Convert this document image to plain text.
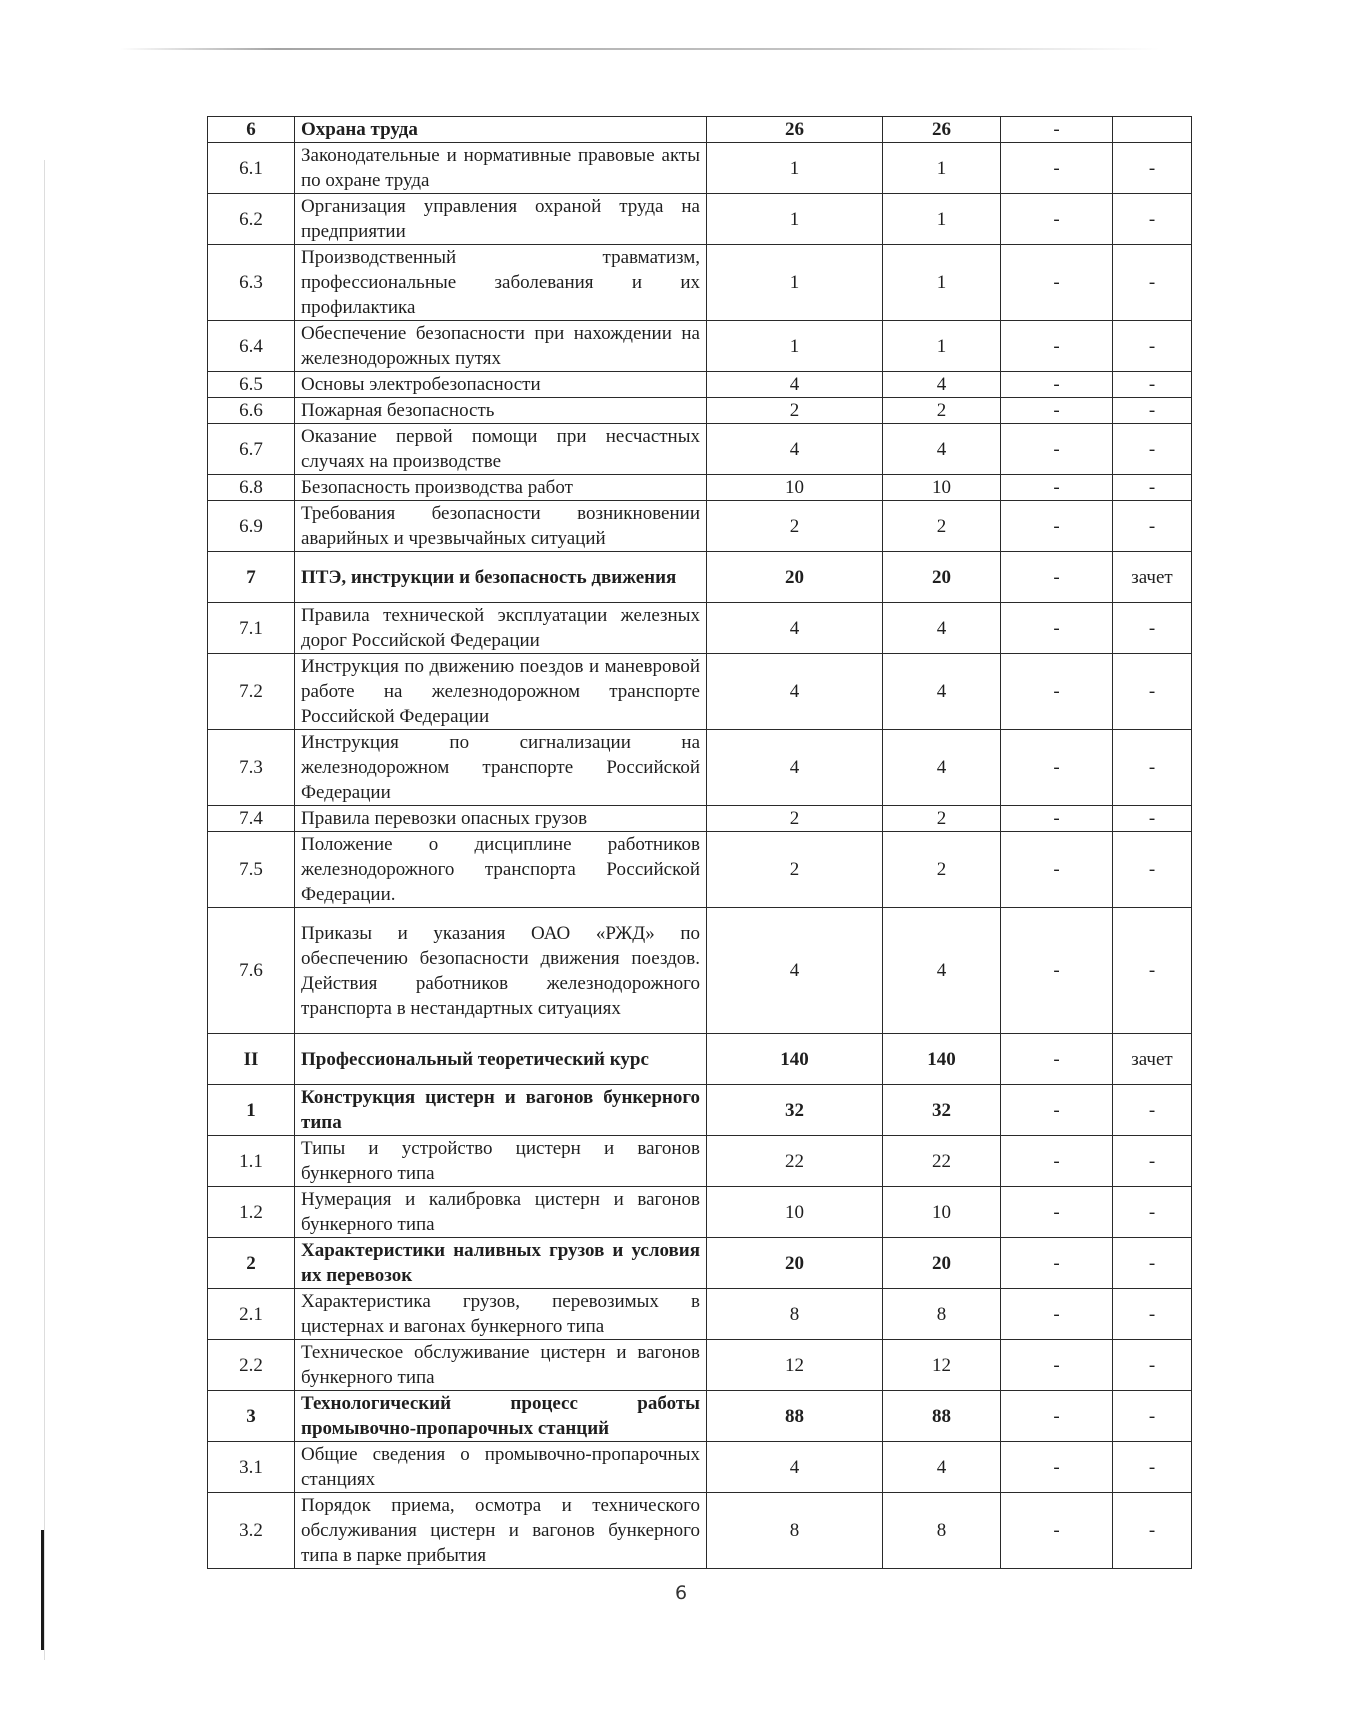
6	Охрана труда	26	26	-	
6.1	Законодательные и нормативные правовые акты по охране труда	1	1	-	-
6.2	Организация управления охраной труда на предприятии	1	1	-	-
6.3	Производственный травматизм, профессиональные заболевания и их профилактика	1	1	-	-
6.4	Обеспечение безопасности при нахождении на железнодорожных путях	1	1	-	-
6.5	Основы электробезопасности	4	4	-	-
6.6	Пожарная безопасность	2	2	-	-
6.7	Оказание первой помощи при несчастных случаях на производстве	4	4	-	-
6.8	Безопасность производства работ	10	10	-	-
6.9	Требования безопасности возникновении аварийных и чрезвычайных ситуаций	2	2	-	-
7	ПТЭ, инструкции и безопасность движения	20	20	-	зачет
7.1	Правила технической эксплуатации железных дорог Российской Федерации	4	4	-	-
7.2	Инструкция по движению поездов и маневровой работе на железнодорожном транспорте Российской Федерации	4	4	-	-
7.3	Инструкция по сигнализации на железнодорожном транспорте Российской Федерации	4	4	-	-
7.4	Правила перевозки опасных грузов	2	2	-	-
7.5	Положение о дисциплине работников железнодорожного транспорта Российской Федерации.	2	2	-	-
7.6	Приказы и указания ОАО «РЖД» по обеспечению безопасности движения поездов. Действия работников железнодорожного транспорта в нестандартных ситуациях	4	4	-	-
II	Профессиональный теоретический курс	140	140	-	зачет
1	Конструкция цистерн и вагонов бункерного типа	32	32	-	-
1.1	Типы и устройство цистерн и вагонов бункерного типа	22	22	-	-
1.2	Нумерация и калибровка цистерн и вагонов бункерного типа	10	10	-	-
2	Характеристики наливных грузов и условия их перевозок	20	20	-	-
2.1	Характеристика грузов, перевозимых в цистернах и вагонах бункерного типа	8	8	-	-
2.2	Техническое обслуживание цистерн и вагонов бункерного типа	12	12	-	-
3	Технологический процесс работы промывочно-пропарочных станций	88	88	-	-
3.1	Общие сведения о промывочно-пропарочных станциях	4	4	-	-
3.2	Порядок приема, осмотра и технического обслуживания цистерн и вагонов бункерного типа в парке прибытия	8	8	-	-
6
